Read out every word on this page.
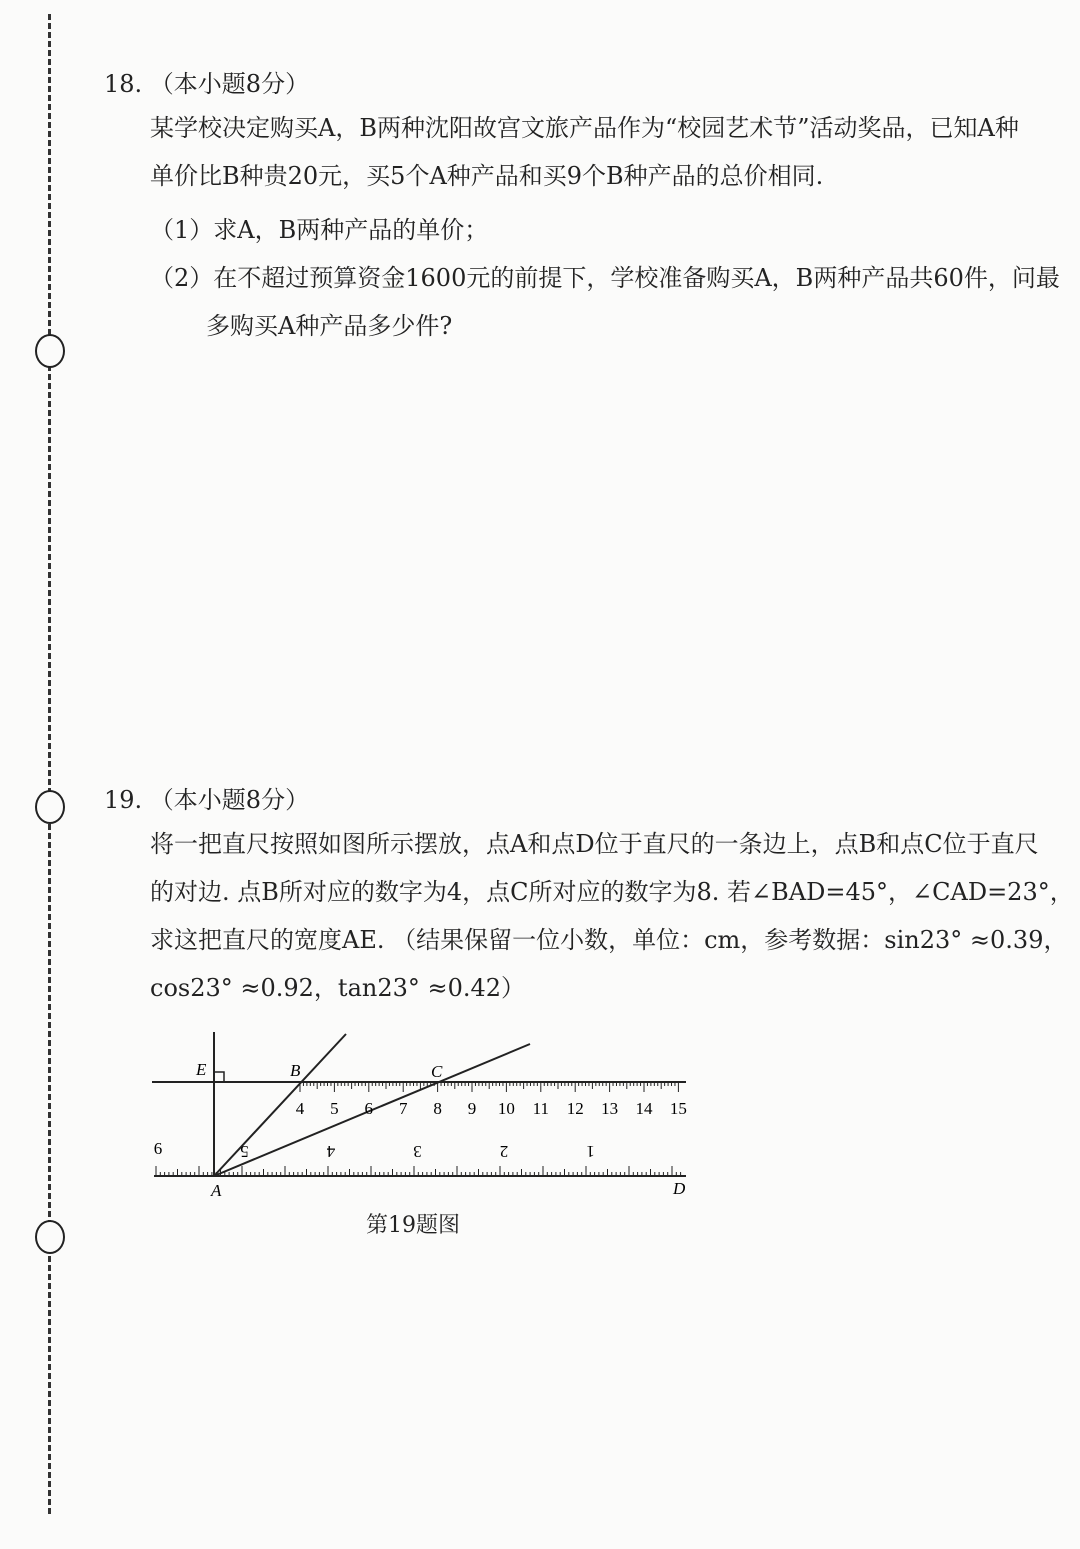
18. （本小题8分）

某学校决定购买A，B两种沈阳故宫文旅产品作为“校园艺术节”活动奖品，已知A种

单价比B种贵20元，买5个A种产品和买9个B种产品的总价相同.

（1）求A，B两种产品的单价；
（2）在不超过预算资金1600元的前提下，学校准备购买A，B两种产品共60件，问最
多购买A种产品多少件?
19. （本小题8分）

将一把直尺按照如图所示摆放，点A和点D位于直尺的一条边上，点B和点C位于直尺

的对边. 点B所对应的数字为4，点C所对应的数字为8. 若∠BAD=45°，∠CAD=23°，

求这把直尺的宽度AE. （结果保留一位小数，单位：cm，参考数据：sin23° ≈0.39，

cos23° ≈0.92，tan23° ≈0.42）

4 5 6 7 8 9 10 11 12 13 14 15
6	5	4	3	2	1
E	B	C
A	D
第19题图
